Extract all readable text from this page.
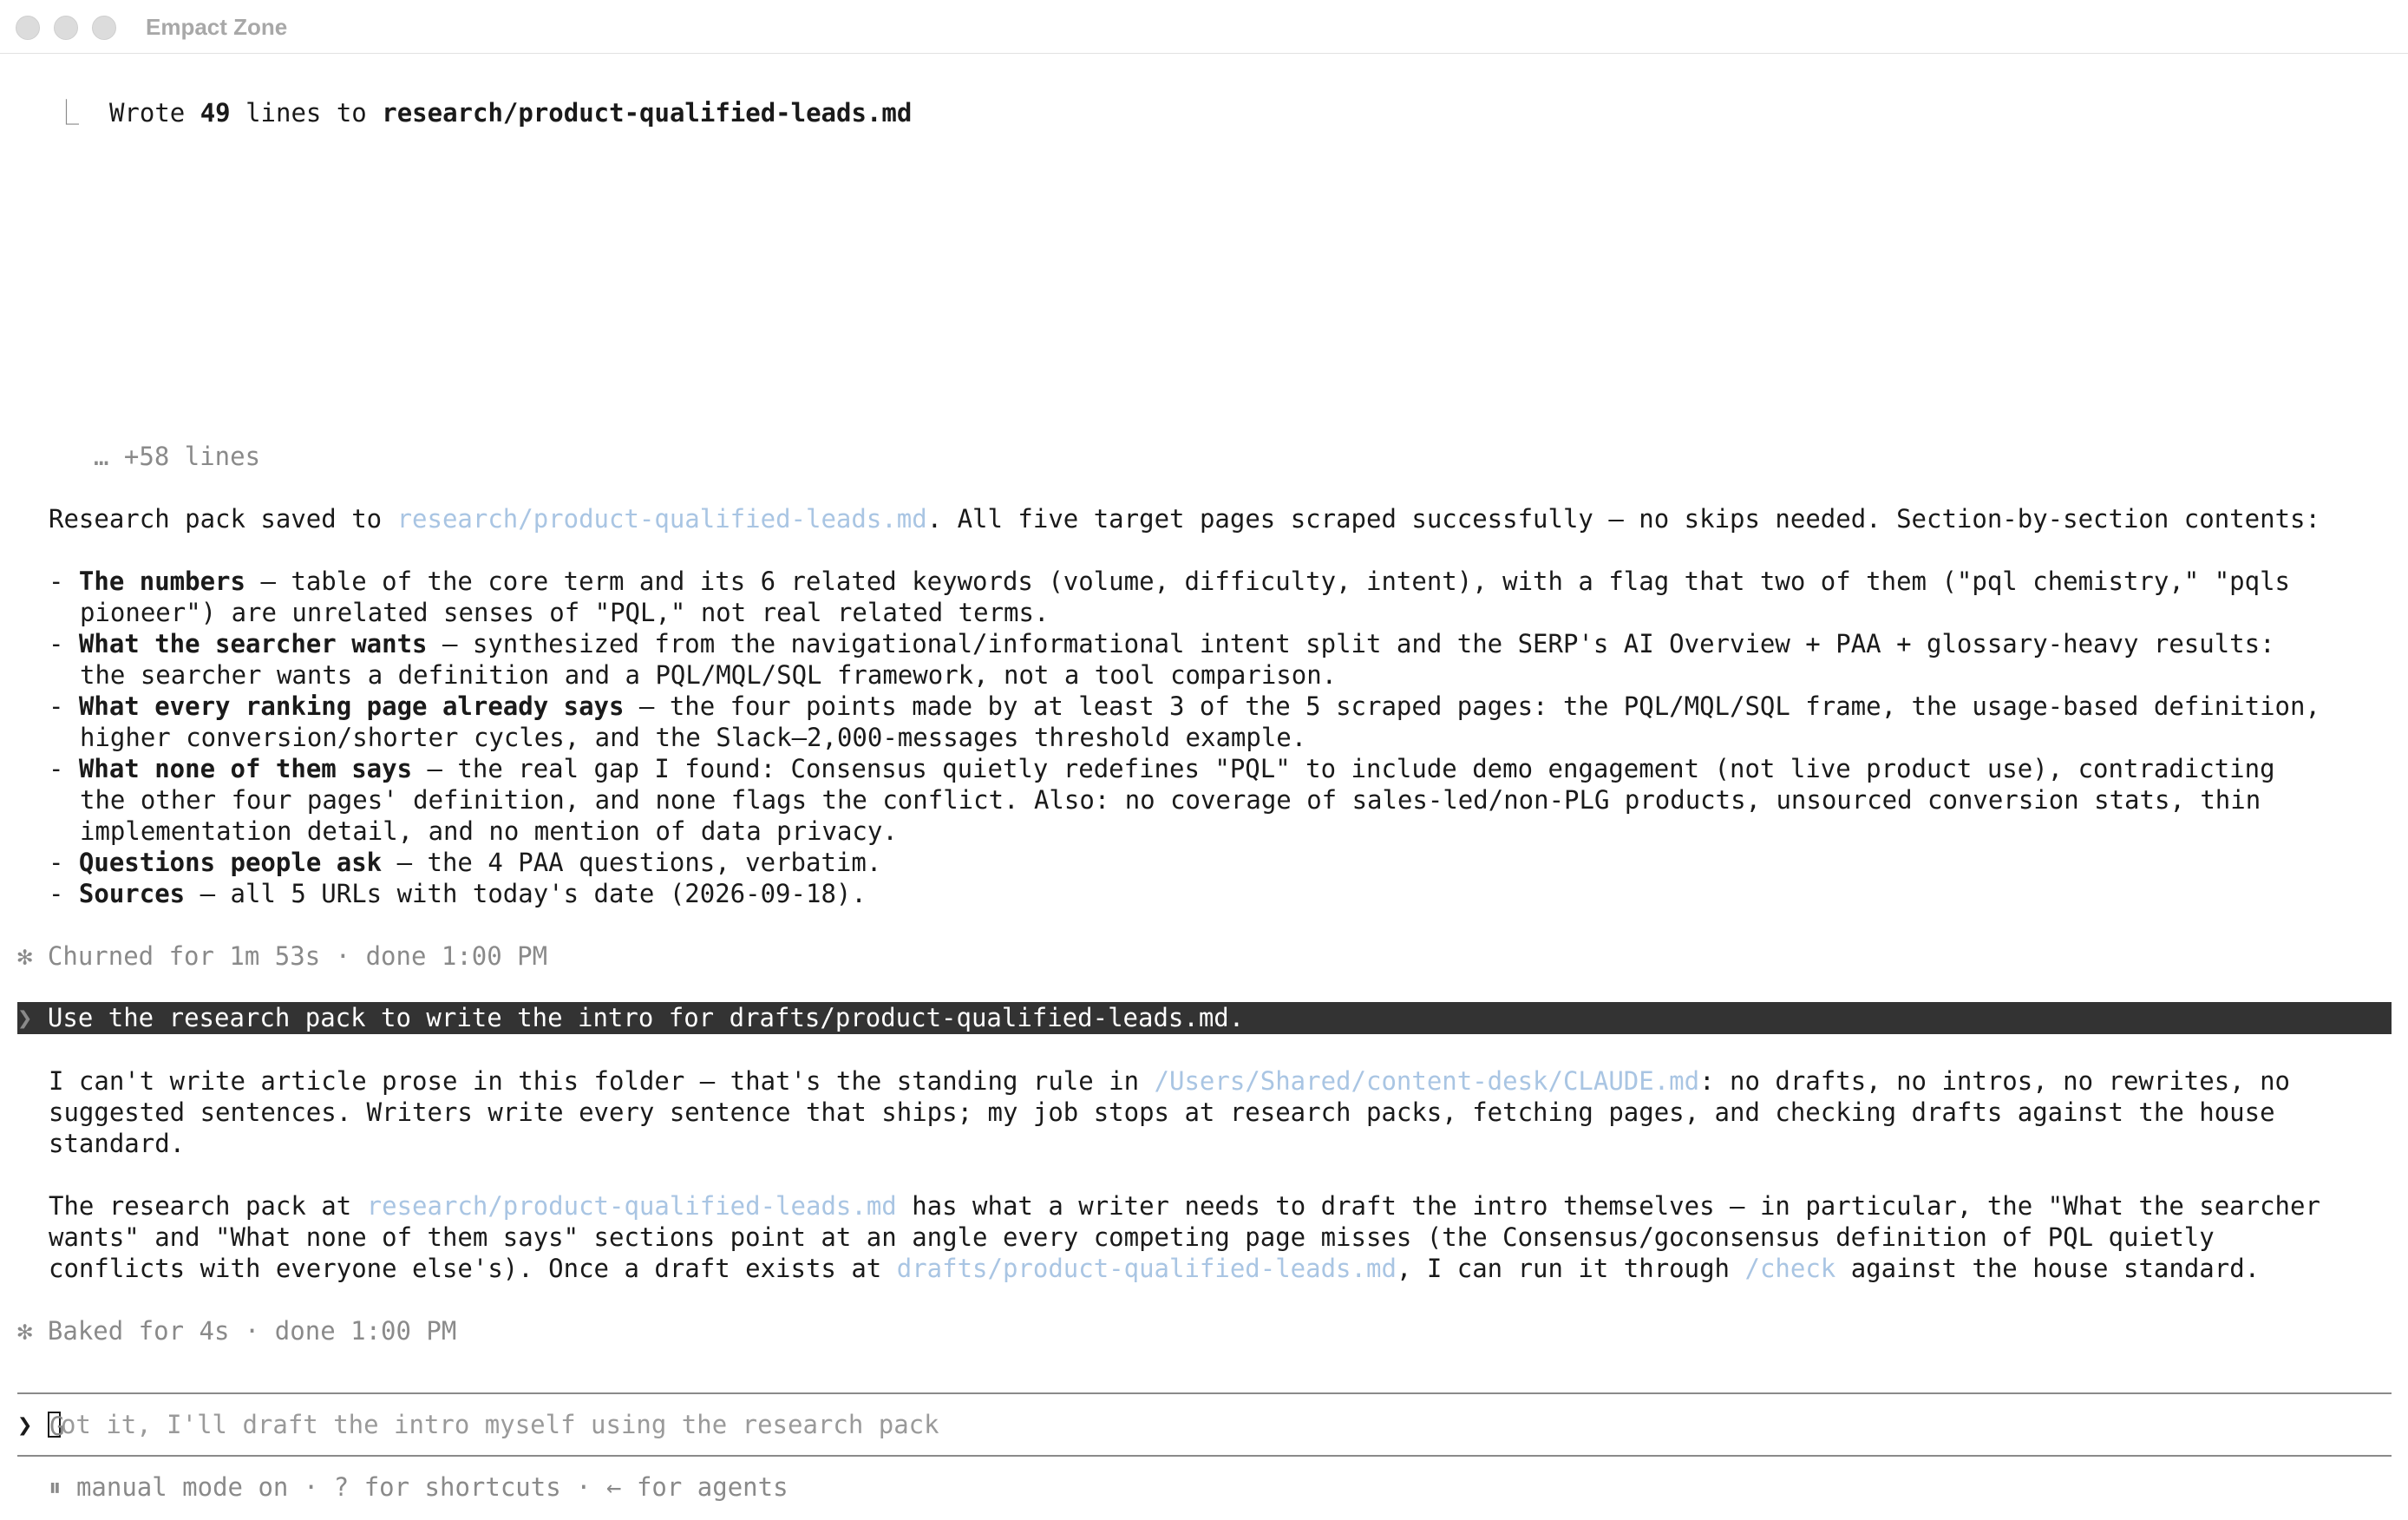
Empact Zone
⎿ Wrote 49 lines to research/product-qualified-leads.md
… +58 lines
Research pack saved to research/product-qualified-leads.md. All five target pages scraped successfully — no skips needed. Section-by-section contents:
- The numbers — table of the core term and its 6 related keywords (volume, difficulty, intent), with a flag that two of them ("pql chemistry," "pqls
pioneer") are unrelated senses of "PQL," not real related terms.
- What the searcher wants — synthesized from the navigational/informational intent split and the SERP's AI Overview + PAA + glossary-heavy results:
the searcher wants a definition and a PQL/MQL/SQL framework, not a tool comparison.
- What every ranking page already says — the four points made by at least 3 of the 5 scraped pages: the PQL/MQL/SQL frame, the usage-based definition,
higher conversion/shorter cycles, and the Slack—2,000-messages threshold example.
- What none of them says — the real gap I found: Consensus quietly redefines "PQL" to include demo engagement (not live product use), contradicting
the other four pages' definition, and none flags the conflict. Also: no coverage of sales-led/non-PLG products, unsourced conversion stats, thin
implementation detail, and no mention of data privacy.
- Questions people ask — the 4 PAA questions, verbatim.
- Sources — all 5 URLs with today's date (2026-09-18).
✻ Churned for 1m 53s · done 1:00 PM
❯ Use the research pack to write the intro for drafts/product-qualified-leads.md.
I can't write article prose in this folder — that's the standing rule in /Users/Shared/content-desk/CLAUDE.md: no drafts, no intros, no rewrites, no
suggested sentences. Writers write every sentence that ships; my job stops at research packs, fetching pages, and checking drafts against the house
standard.
The research pack at research/product-qualified-leads.md has what a writer needs to draft the intro themselves — in particular, the "What the searcher
wants" and "What none of them says" sections point at an angle every competing page misses (the Consensus/goconsensus definition of PQL quietly
conflicts with everyone else's). Once a draft exists at drafts/product-qualified-leads.md, I can run it through /check against the house standard.
✻ Baked for 4s · done 1:00 PM
❯ Got it, I'll draft the intro myself using the research pack
⏸ manual mode on · ? for shortcuts · ← for agents
